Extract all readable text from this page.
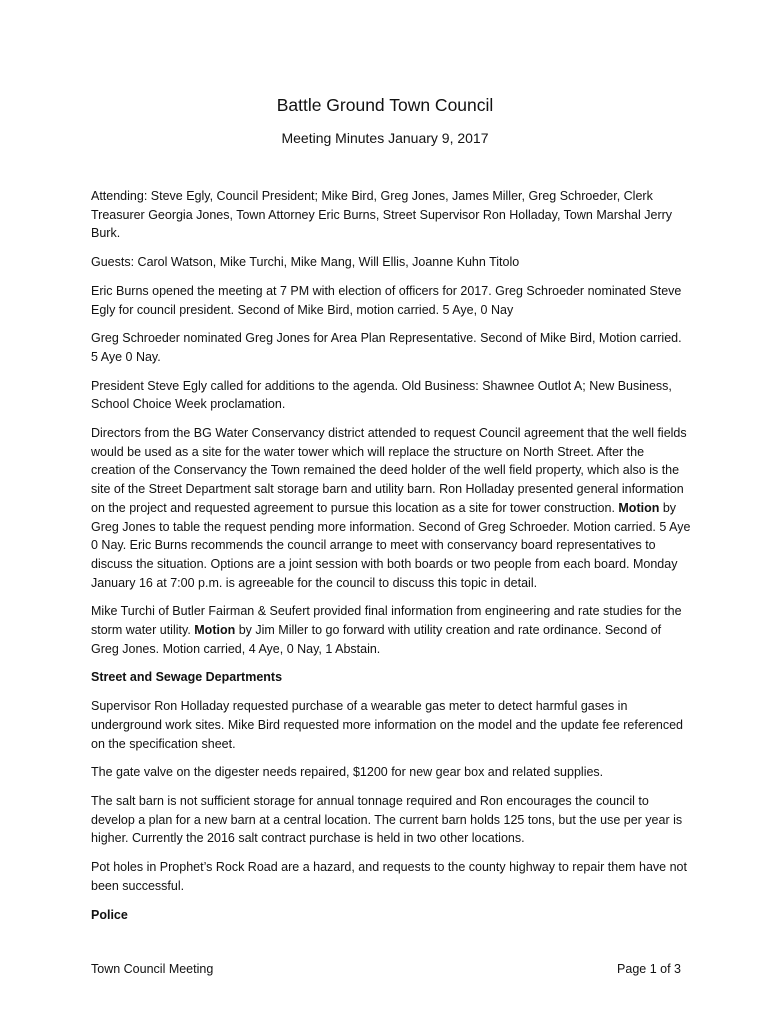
Battle Ground Town Council
Meeting Minutes January 9, 2017

Attending: Steve Egly, Council President; Mike Bird, Greg Jones, James Miller, Greg Schroeder, Clerk Treasurer Georgia Jones, Town Attorney Eric Burns, Street Supervisor Ron Holladay, Town Marshal Jerry Burk.

Guests: Carol Watson, Mike Turchi, Mike Mang, Will Ellis, Joanne Kuhn Titolo

Eric Burns opened the meeting at 7 PM with election of officers for 2017. Greg Schroeder nominated Steve Egly for council president. Second of Mike Bird, motion carried. 5 Aye, 0 Nay

Greg Schroeder nominated Greg Jones for Area Plan Representative. Second of Mike Bird, Motion carried. 5 Aye 0 Nay.

President Steve Egly called for additions to the agenda. Old Business: Shawnee Outlot A; New Business, School Choice Week proclamation.

Directors from the BG Water Conservancy district attended to request Council agreement that the well fields would be used as a site for the water tower which will replace the structure on North Street. After the creation of the Conservancy the Town remained the deed holder of the well field property, which also is the site of the Street Department salt storage barn and utility barn. Ron Holladay presented general information on the project and requested agreement to pursue this location as a site for tower construction. Motion by Greg Jones to table the request pending more information. Second of Greg Schroeder. Motion carried. 5 Aye 0 Nay. Eric Burns recommends the council arrange to meet with conservancy board representatives to discuss the situation. Options are a joint session with both boards or two people from each board. Monday January 16 at 7:00 p.m. is agreeable for the council to discuss this topic in detail.

Mike Turchi of Butler Fairman & Seufert provided final information from engineering and rate studies for the storm water utility. Motion by Jim Miller to go forward with utility creation and rate ordinance. Second of Greg Jones. Motion carried, 4 Aye, 0 Nay, 1 Abstain.

Street and Sewage Departments

Supervisor Ron Holladay requested purchase of a wearable gas meter to detect harmful gases in underground work sites. Mike Bird requested more information on the model and the update fee referenced on the specification sheet.

The gate valve on the digester needs repaired, $1200 for new gear box and related supplies.

The salt barn is not sufficient storage for annual tonnage required and Ron encourages the council to develop a plan for a new barn at a central location. The current barn holds 125 tons, but the use per year is higher. Currently the 2016 salt contract purchase is held in two other locations.

Pot holes in Prophet’s Rock Road are a hazard, and requests to the county highway to repair them have not been successful.

Police

Town Council Meeting	Page 1 of 3
